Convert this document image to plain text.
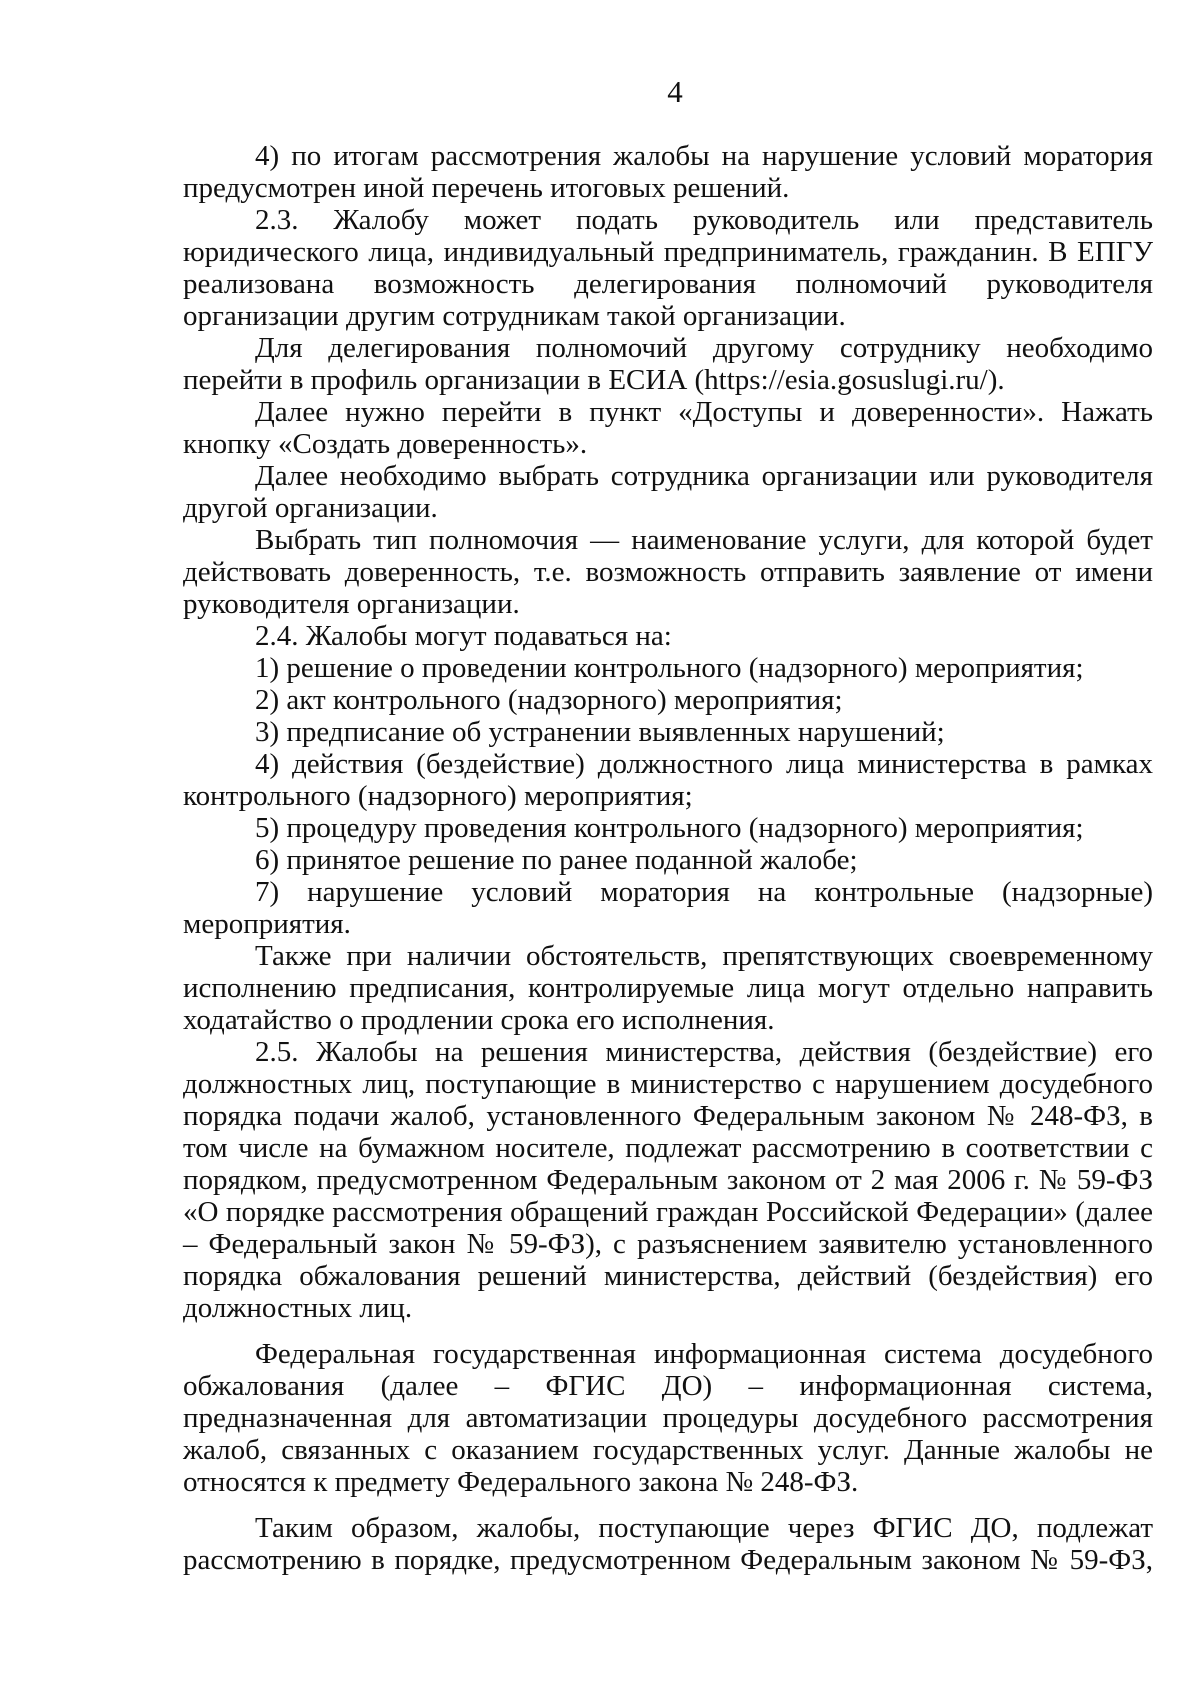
4

4) по итогам рассмотрения жалобы на нарушение условий моратория предусмотрен иной перечень итоговых решений.

2.3. Жалобу может подать руководитель или представитель юридического лица, индивидуальный предприниматель, гражданин. В ЕПГУ реализована возможность делегирования полномочий руководителя организации другим сотрудникам такой организации.

Для делегирования полномочий другому сотруднику необходимо перейти в профиль организации в ЕСИА (https://esia.gosuslugi.ru/).

Далее нужно перейти в пункт «Доступы и доверенности». Нажать кнопку «Создать доверенность».

Далее необходимо выбрать сотрудника организации или руководителя другой организации.

Выбрать тип полномочия — наименование услуги, для которой будет действовать доверенность, т.е. возможность отправить заявление от имени руководителя организации.

2.4. Жалобы могут подаваться на:

1) решение о проведении контрольного (надзорного) мероприятия;

2) акт контрольного (надзорного) мероприятия;

3) предписание об устранении выявленных нарушений;

4) действия (бездействие) должностного лица министерства в рамках контрольного (надзорного) мероприятия;

5) процедуру проведения контрольного (надзорного) мероприятия;

6) принятое решение по ранее поданной жалобе;

7) нарушение условий моратория на контрольные (надзорные) мероприятия.

Также при наличии обстоятельств, препятствующих своевременному исполнению предписания, контролируемые лица могут отдельно направить ходатайство о продлении срока его исполнения.

2.5. Жалобы на решения министерства, действия (бездействие) его должностных лиц, поступающие в министерство с нарушением досудебного порядка подачи жалоб, установленного Федеральным законом № 248-ФЗ, в том числе на бумажном носителе, подлежат рассмотрению в соответствии с порядком, предусмотренном Федеральным законом от 2 мая 2006 г. № 59-ФЗ «О порядке рассмотрения обращений граждан Российской Федерации» (далее – Федеральный закон № 59-ФЗ), с разъяснением заявителю установленного порядка обжалования решений министерства, действий (бездействия) его должностных лиц.

Федеральная государственная информационная система досудебного обжалования (далее – ФГИС ДО) – информационная система, предназначенная для автоматизации процедуры досудебного рассмотрения жалоб, связанных с оказанием государственных услуг. Данные жалобы не относятся к предмету Федерального закона № 248-ФЗ.

Таким образом, жалобы, поступающие через ФГИС ДО, подлежат рассмотрению в порядке, предусмотренном Федеральным законом № 59-ФЗ,
